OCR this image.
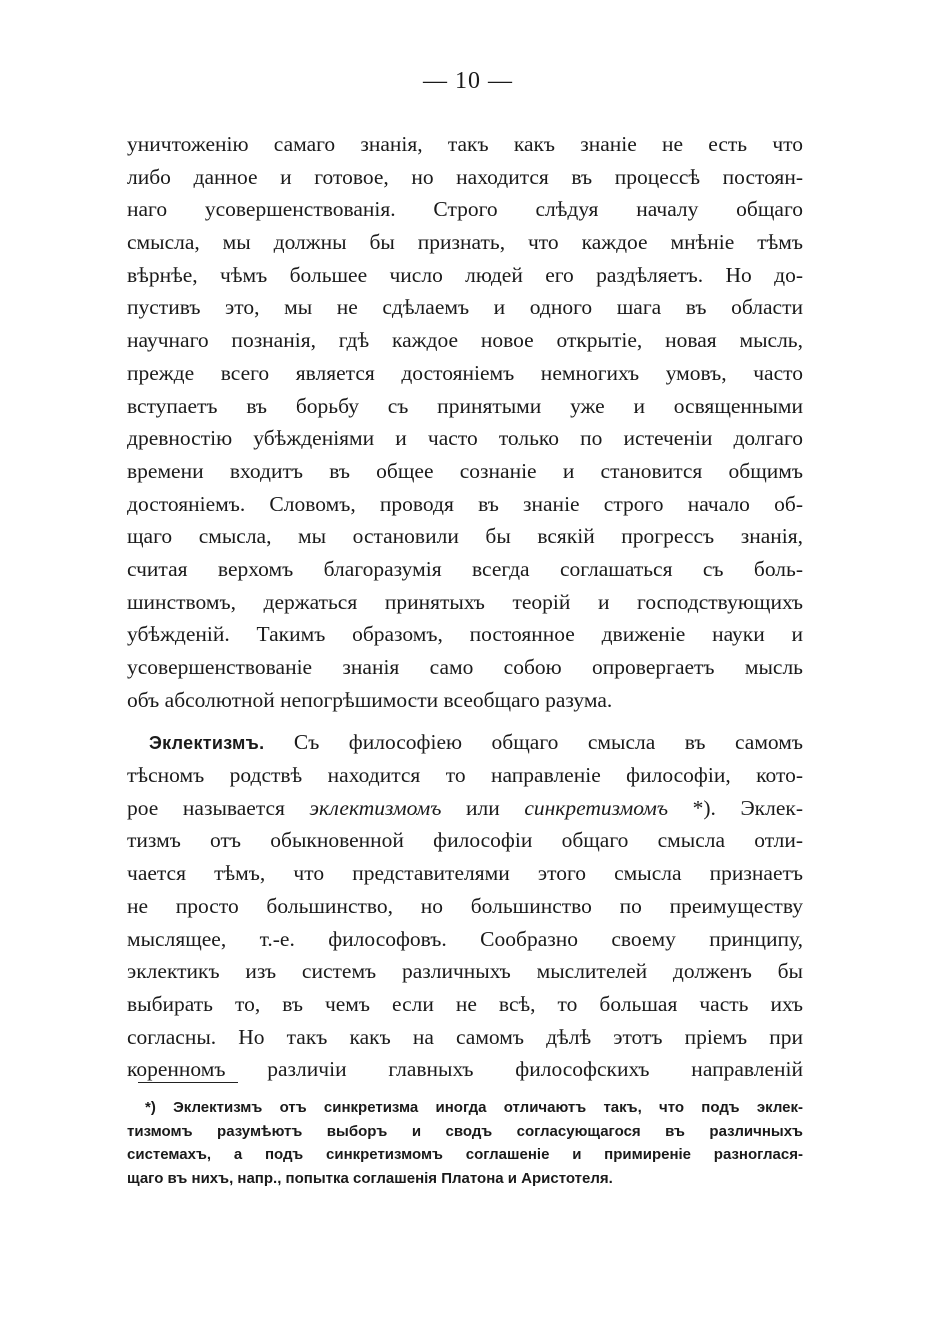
— 10 —
уничтоженію самаго знанія, такъ какъ знаніе не есть что
либо данное и готовое, но находится въ процессѣ постоян-
наго усовершенствованія. Строго слѣдуя началу общаго
смысла, мы должны бы признать, что каждое мнѣніе тѣмъ
вѣрнѣе, чѣмъ большее число людей его раздѣляетъ. Но до-
пустивъ это, мы не сдѣлаемъ и одного шага въ области
научнаго познанія, гдѣ каждое новое открытіе, новая мысль,
прежде всего является достояніемъ немногихъ умовъ, часто
вступаетъ въ борьбу съ принятыми уже и освященными
древностію убѣжденіями и часто только по истеченіи долгаго
времени входитъ въ общее сознаніе и становится общимъ
достояніемъ. Словомъ, проводя въ знаніе строго начало об-
щаго смысла, мы остановили бы всякій прогрессъ знанія,
считая верхомъ благоразумія всегда соглашаться съ боль-
шинствомъ, держаться принятыхъ теорій и господствующихъ
убѣжденій. Такимъ образомъ, постоянное движеніе науки и
усовершенствованіе знанія само собою опровергаетъ мысль
объ абсолютной непогрѣшимости всеобщаго разума.
Эклектизмъ. Съ философіею общаго смысла въ самомъ
тѣсномъ родствѣ находится то направленіе философіи, кото-
рое называется эклектизмомъ или синкретизмомъ *). Эклек-
тизмъ отъ обыкновенной философіи общаго смысла отли-
чается тѣмъ, что представителями этого смысла признаетъ
не просто большинство, но большинство по преимуществу
мыслящее, т.-е. философовъ. Сообразно своему принципу,
эклектикъ изъ системъ различныхъ мыслителей долженъ бы
выбирать то, въ чемъ если не всѣ, то большая часть ихъ
согласны. Но такъ какъ на самомъ дѣлѣ этотъ пріемъ при
коренномъ различіи главныхъ философскихъ направленій
*) Эклектизмъ отъ синкретизма иногда отличаютъ такъ, что подъ эклек-
тизмомъ разумѣютъ выборъ и сводъ согласующагося въ различныхъ
системахъ, а подъ синкретизмомъ соглашеніе и примиреніе разноглася-
щаго въ нихъ, напр., попытка соглашенія Платона и Аристотеля.
